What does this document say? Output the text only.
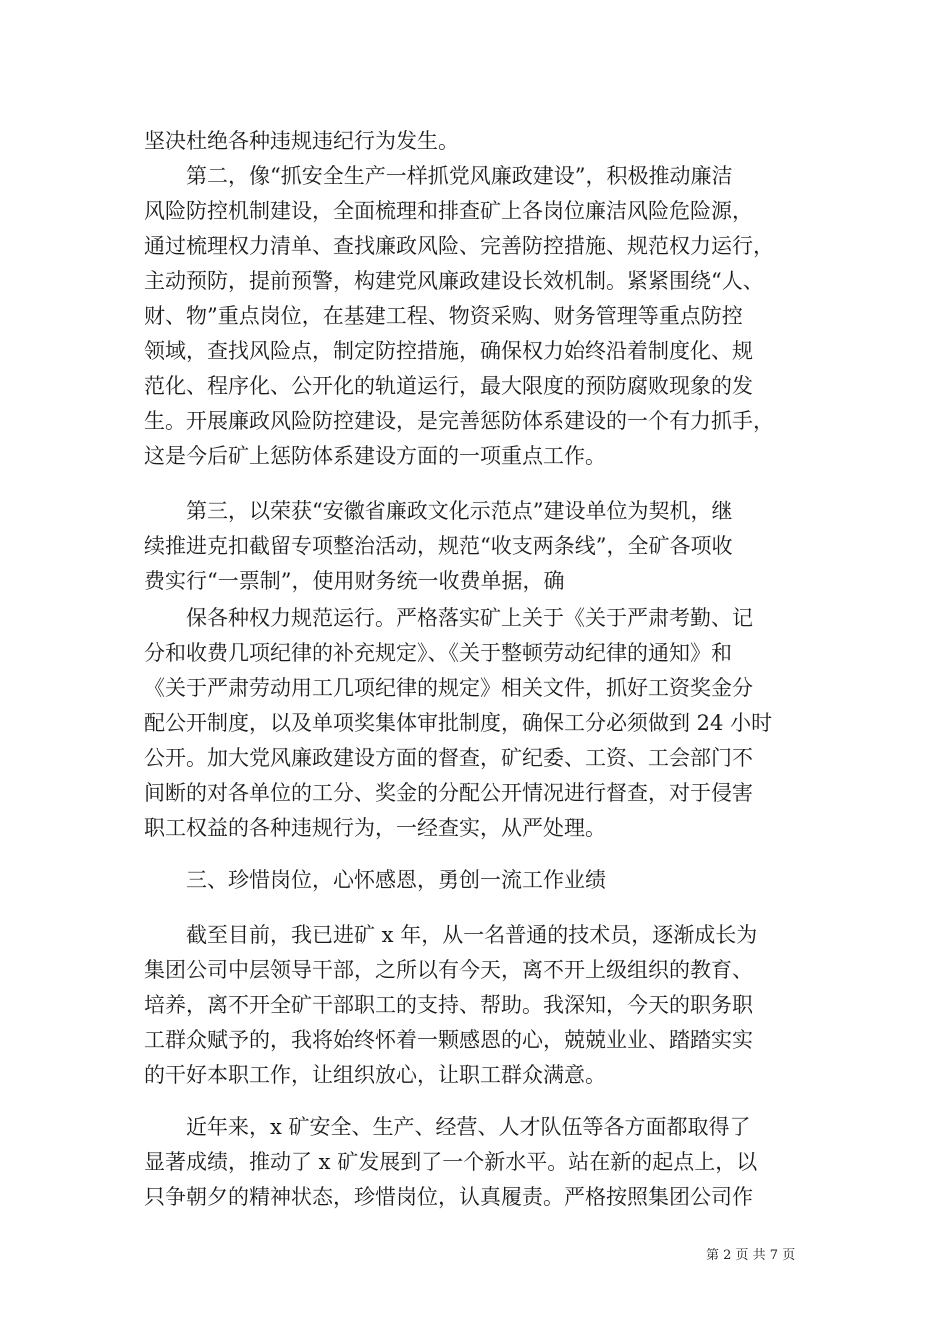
坚决杜绝各种违规违纪行为发生。
　　第二，像“抓安全生产一样抓党风廉政建设”，积极推动廉洁
风险防控机制建设，全面梳理和排查矿上各岗位廉洁风险危险源，
通过梳理权力清单、查找廉政风险、完善防控措施、规范权力运行，
主动预防，提前预警，构建党风廉政建设长效机制。紧紧围绕“人、
财、物”重点岗位，在基建工程、物资采购、财务管理等重点防控
领域，查找风险点，制定防控措施，确保权力始终沿着制度化、规
范化、程序化、公开化的轨道运行，最大限度的预防腐败现象的发
生。开展廉政风险防控建设，是完善惩防体系建设的一个有力抓手，
这是今后矿上惩防体系建设方面的一项重点工作。
　　第三，以荣获“安徽省廉政文化示范点”建设单位为契机，继
续推进克扣截留专项整治活动，规范“收支两条线”，全矿各项收
费实行“一票制”，使用财务统一收费单据，确
　　保各种权力规范运行。严格落实矿上关于《关于严肃考勤、记
分和收费几项纪律的补充规定》、《关于整顿劳动纪律的通知》和
《关于严肃劳动用工几项纪律的规定》相关文件，抓好工资奖金分
配公开制度，以及单项奖集体审批制度，确保工分必须做到 24 小时
公开。加大党风廉政建设方面的督查，矿纪委、工资、工会部门不
间断的对各单位的工分、奖金的分配公开情况进行督查，对于侵害
职工权益的各种违规行为，一经查实，从严处理。
　　三、珍惜岗位，心怀感恩，勇创一流工作业绩
　　截至目前，我已进矿 x 年，从一名普通的技术员，逐渐成长为
集团公司中层领导干部，之所以有今天，离不开上级组织的教育、
培养，离不开全矿干部职工的支持、帮助。我深知，今天的职务职
工群众赋予的，我将始终怀着一颗感恩的心，兢兢业业、踏踏实实
的干好本职工作，让组织放心，让职工群众满意。
　　近年来，x 矿安全、生产、经营、人才队伍等各方面都取得了
显著成绩，推动了 x 矿发展到了一个新水平。站在新的起点上，以
只争朝夕的精神状态，珍惜岗位，认真履责。严格按照集团公司作
第 2 页 共 7 页
